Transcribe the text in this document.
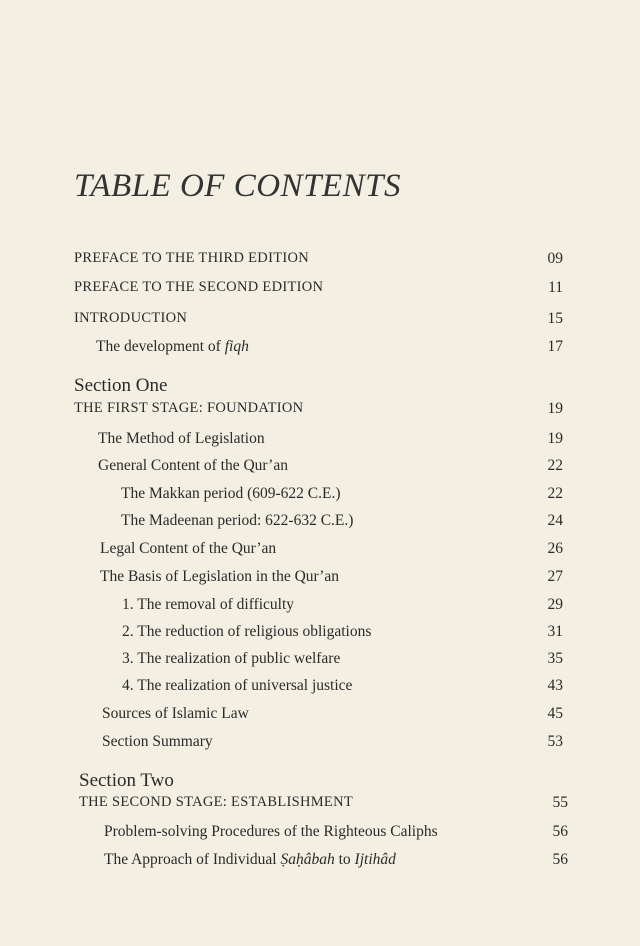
TABLE OF CONTENTS
PREFACE TO THE THIRD EDITION	09
PREFACE TO THE SECOND EDITION	11
INTRODUCTION	15
The development of fiqh	17
Section One
THE FIRST STAGE: FOUNDATION	19
The Method of Legislation	19
General Content of the Qur’an	22
The Makkan period (609-622 C.E.)	22
The Madeenan period: 622-632 C.E.)	24
Legal Content of the Qur’an	26
The Basis of Legislation in the Qur’an	27
1. The removal of difficulty	29
2. The reduction of religious obligations	31
3. The realization of public welfare	35
4. The realization of universal justice	43
Sources of Islamic Law	45
Section Summary	53
Section Two
THE SECOND STAGE: ESTABLISHMENT	55
Problem-solving Procedures of the Righteous Caliphs	56
The Approach of Individual Ṣaḥâbah to Ijtihâd	56
